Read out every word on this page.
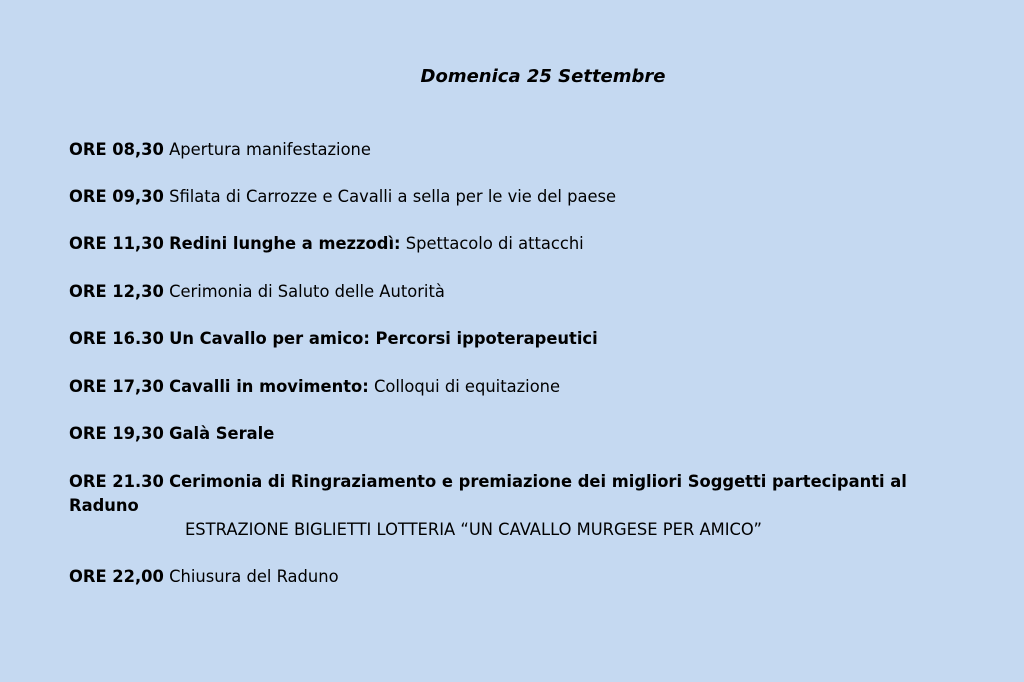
Domenica 25 Settembre
ORE 08,30 Apertura manifestazione
ORE 09,30 Sfilata di Carrozze e Cavalli a sella per le vie del paese
ORE 11,30 Redini lunghe a mezzodì: Spettacolo di attacchi
ORE 12,30 Cerimonia di Saluto delle Autorità
ORE 16.30 Un Cavallo per amico: Percorsi ippoterapeutici
ORE 17,30 Cavalli in movimento: Colloqui di equitazione
ORE 19,30 Galà Serale
ORE 21.30 Cerimonia di Ringraziamento e premiazione dei migliori Soggetti partecipanti al Raduno
ESTRAZIONE BIGLIETTI LOTTERIA “UN CAVALLO MURGESE PER AMICO”
ORE 22,00 Chiusura del Raduno
